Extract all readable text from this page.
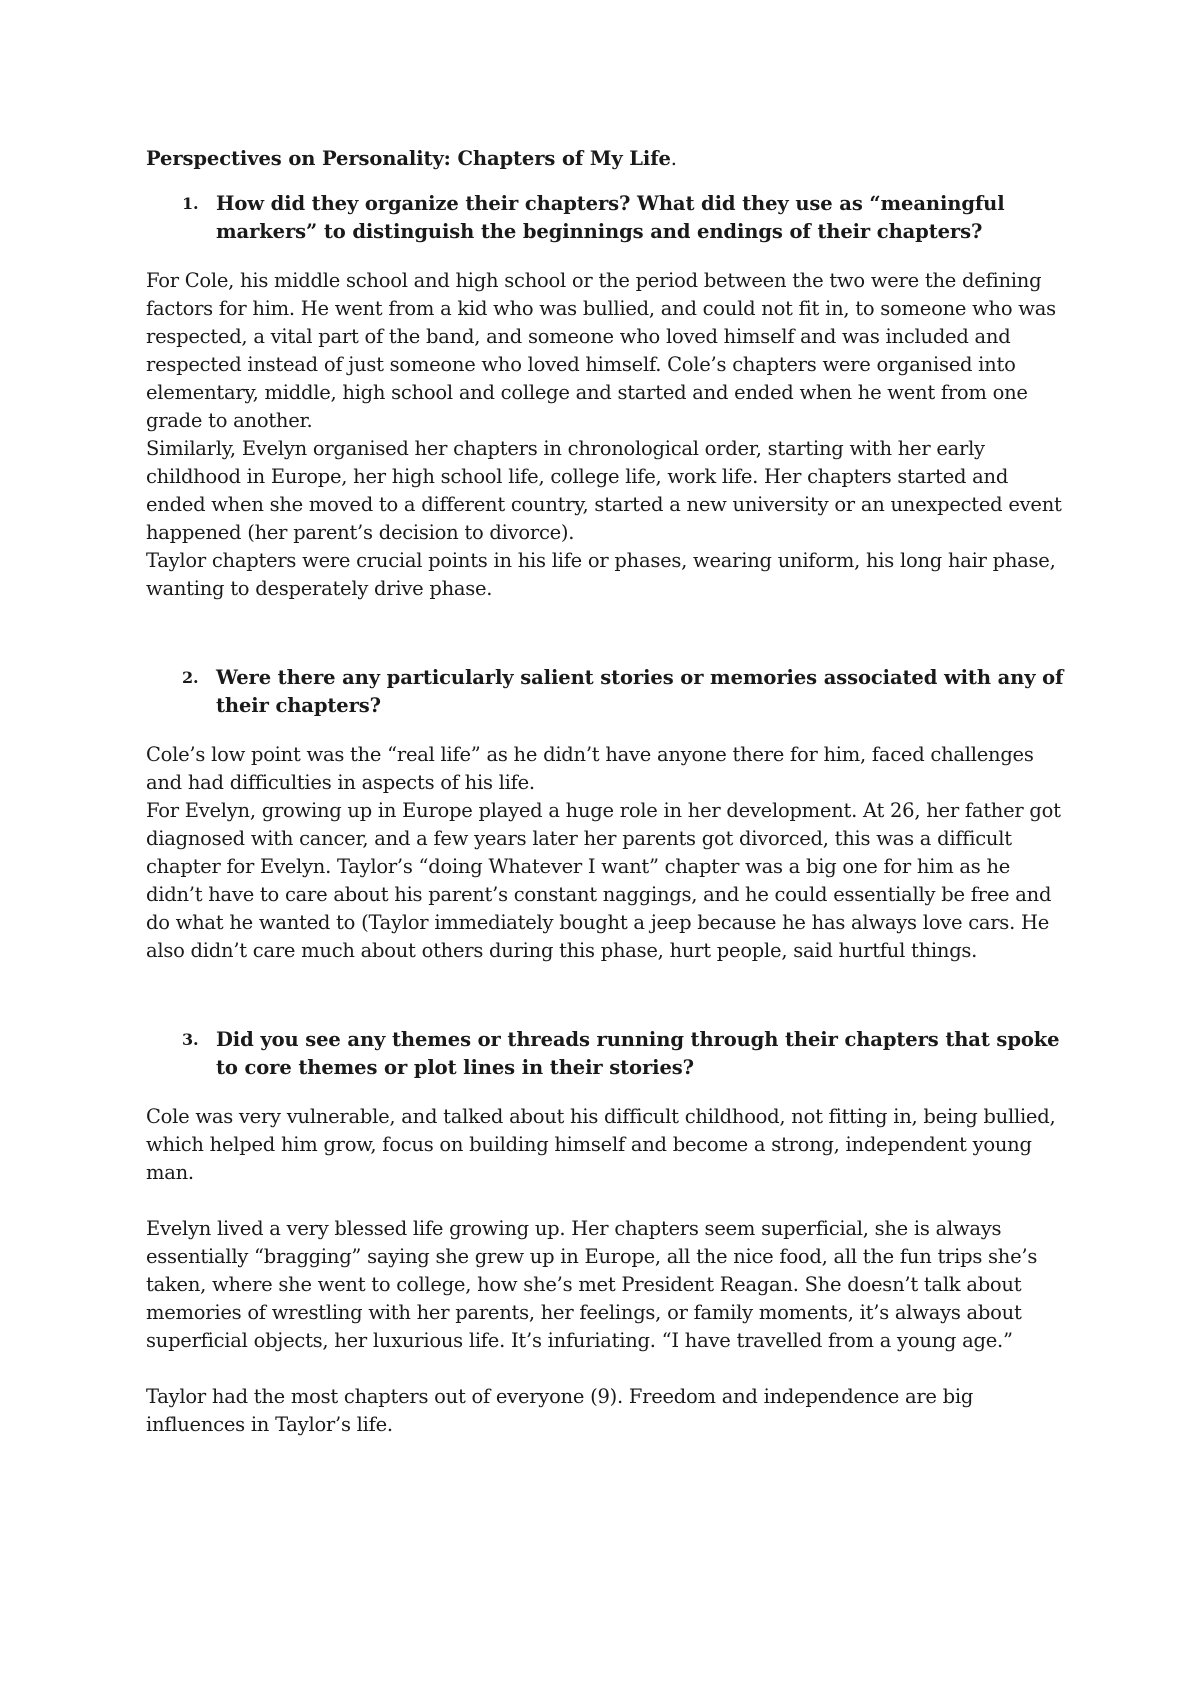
Perspectives on Personality: Chapters of My Life.
1. How did they organize their chapters? What did they use as “meaningful markers” to distinguish the beginnings and endings of their chapters?

For Cole, his middle school and high school or the period between the two were the defining factors for him. He went from a kid who was bullied, and could not fit in, to someone who was respected, a vital part of the band, and someone who loved himself and was included and respected instead of just someone who loved himself. Cole’s chapters were organised into elementary, middle, high school and college and started and ended when he went from one grade to another.

Similarly, Evelyn organised her chapters in chronological order, starting with her early childhood in Europe, her high school life, college life, work life. Her chapters started and ended when she moved to a different country, started a new university or an unexpected event happened (her parent’s decision to divorce).

Taylor chapters were crucial points in his life or phases, wearing uniform, his long hair phase, wanting to desperately drive phase.

2. Were there any particularly salient stories or memories associated with any of their chapters?

Cole’s low point was the “real life” as he didn’t have anyone there for him, faced challenges and had difficulties in aspects of his life.

For Evelyn, growing up in Europe played a huge role in her development. At 26, her father got diagnosed with cancer, and a few years later her parents got divorced, this was a difficult chapter for Evelyn. Taylor’s “doing Whatever I want” chapter was a big one for him as he didn’t have to care about his parent’s constant naggings, and he could essentially be free and do what he wanted to (Taylor immediately bought a jeep because he has always love cars. He also didn’t care much about others during this phase, hurt people, said hurtful things.

3. Did you see any themes or threads running through their chapters that spoke to core themes or plot lines in their stories?

Cole was very vulnerable, and talked about his difficult childhood, not fitting in, being bullied, which helped him grow, focus on building himself and become a strong, independent young man.

Evelyn lived a very blessed life growing up. Her chapters seem superficial, she is always essentially “bragging” saying she grew up in Europe, all the nice food, all the fun trips she’s taken, where she went to college, how she’s met President Reagan. She doesn’t talk about memories of wrestling with her parents, her feelings, or family moments, it’s always about superficial objects, her luxurious life. It’s infuriating. “I have travelled from a young age.”

Taylor had the most chapters out of everyone (9). Freedom and independence are big influences in Taylor’s life.
